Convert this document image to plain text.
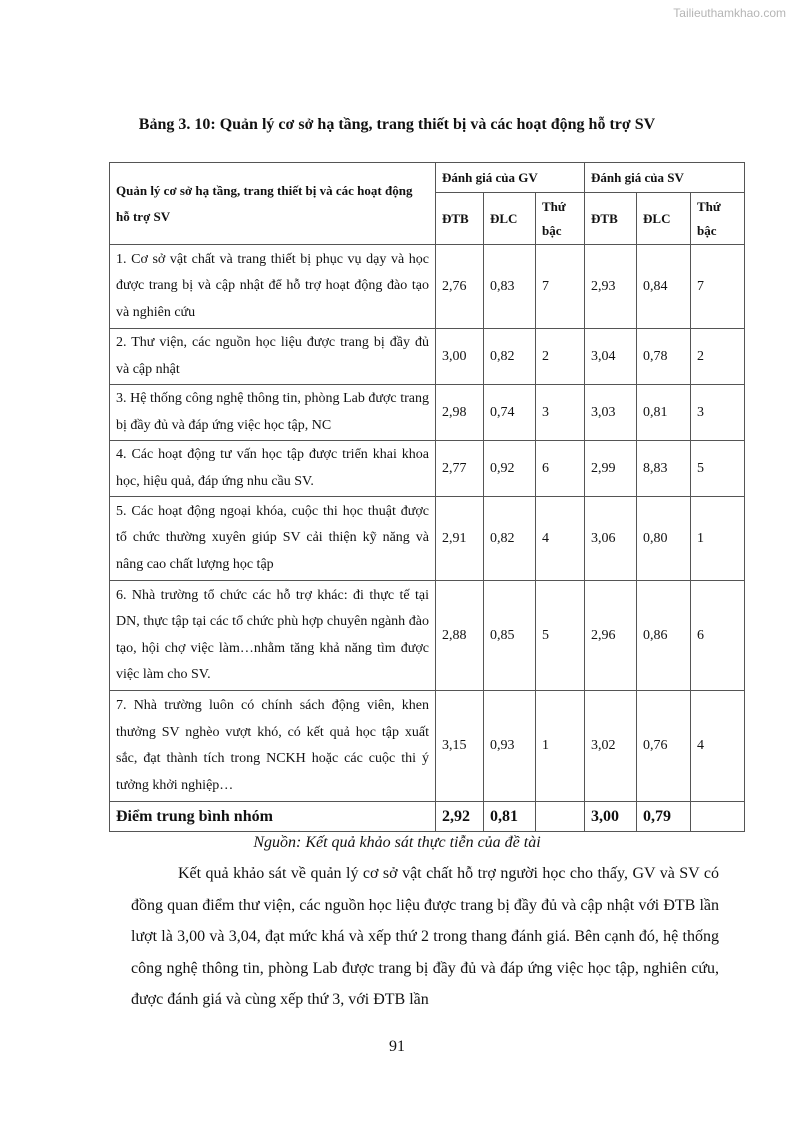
Tailieuthamkhao.com
Bảng 3. 10: Quản lý cơ sở hạ tầng, trang thiết bị và các hoạt động hỗ trợ SV
Quản lý cơ sở hạ tầng, trang thiết bị và các hoạt động hỗ trợ SV	Đánh giá của GV			Đánh giá của SV		
	ĐTB	ĐLC	Thứ bậc	ĐTB	ĐLC	Thứ bậc
1. Cơ sở vật chất và trang thiết bị phục vụ dạy và học được trang bị và cập nhật để hỗ trợ hoạt động đào tạo và nghiên cứu	2,76	0,83	7	2,93	0,84	7
2. Thư viện, các nguồn học liệu được trang bị đầy đủ và cập nhật	3,00	0,82	2	3,04	0,78	2
3. Hệ thống công nghệ thông tin, phòng Lab được trang bị đầy đủ và đáp ứng việc học tập, NC	2,98	0,74	3	3,03	0,81	3
4. Các hoạt động tư vấn học tập được triển khai khoa học, hiệu quả, đáp ứng nhu cầu SV.	2,77	0,92	6	2,99	8,83	5
5. Các hoạt động ngoại khóa, cuộc thi học thuật được tổ chức thường xuyên giúp SV cải thiện kỹ năng và nâng cao chất lượng học tập	2,91	0,82	4	3,06	0,80	1
6. Nhà trường tổ chức các hỗ trợ khác: đi thực tế tại DN, thực tập tại các tổ chức phù hợp chuyên ngành đào tạo, hội chợ việc làm…nhằm tăng khả năng tìm được việc làm cho SV.	2,88	0,85	5	2,96	0,86	6
7. Nhà trường luôn có chính sách động viên, khen thưởng SV nghèo vượt khó, có kết quả học tập xuất sắc, đạt thành tích trong NCKH hoặc các cuộc thi ý tưởng khởi nghiệp…	3,15	0,93	1	3,02	0,76	4
Điểm trung bình nhóm	2,92	0,81		3,00	0,79	
Nguồn: Kết quả khảo sát thực tiễn của đề tài

Kết quả khảo sát về quản lý cơ sở vật chất hỗ trợ người học cho thấy, GV và SV có đồng quan điểm thư viện, các nguồn học liệu được trang bị đầy đủ và cập nhật với ĐTB lần lượt là 3,00 và 3,04, đạt mức khá và xếp thứ 2 trong thang đánh giá. Bên cạnh đó, hệ thống công nghệ thông tin, phòng Lab được trang bị đầy đủ và đáp ứng việc học tập, nghiên cứu, được đánh giá và cùng xếp thứ 3, với ĐTB lần

91
